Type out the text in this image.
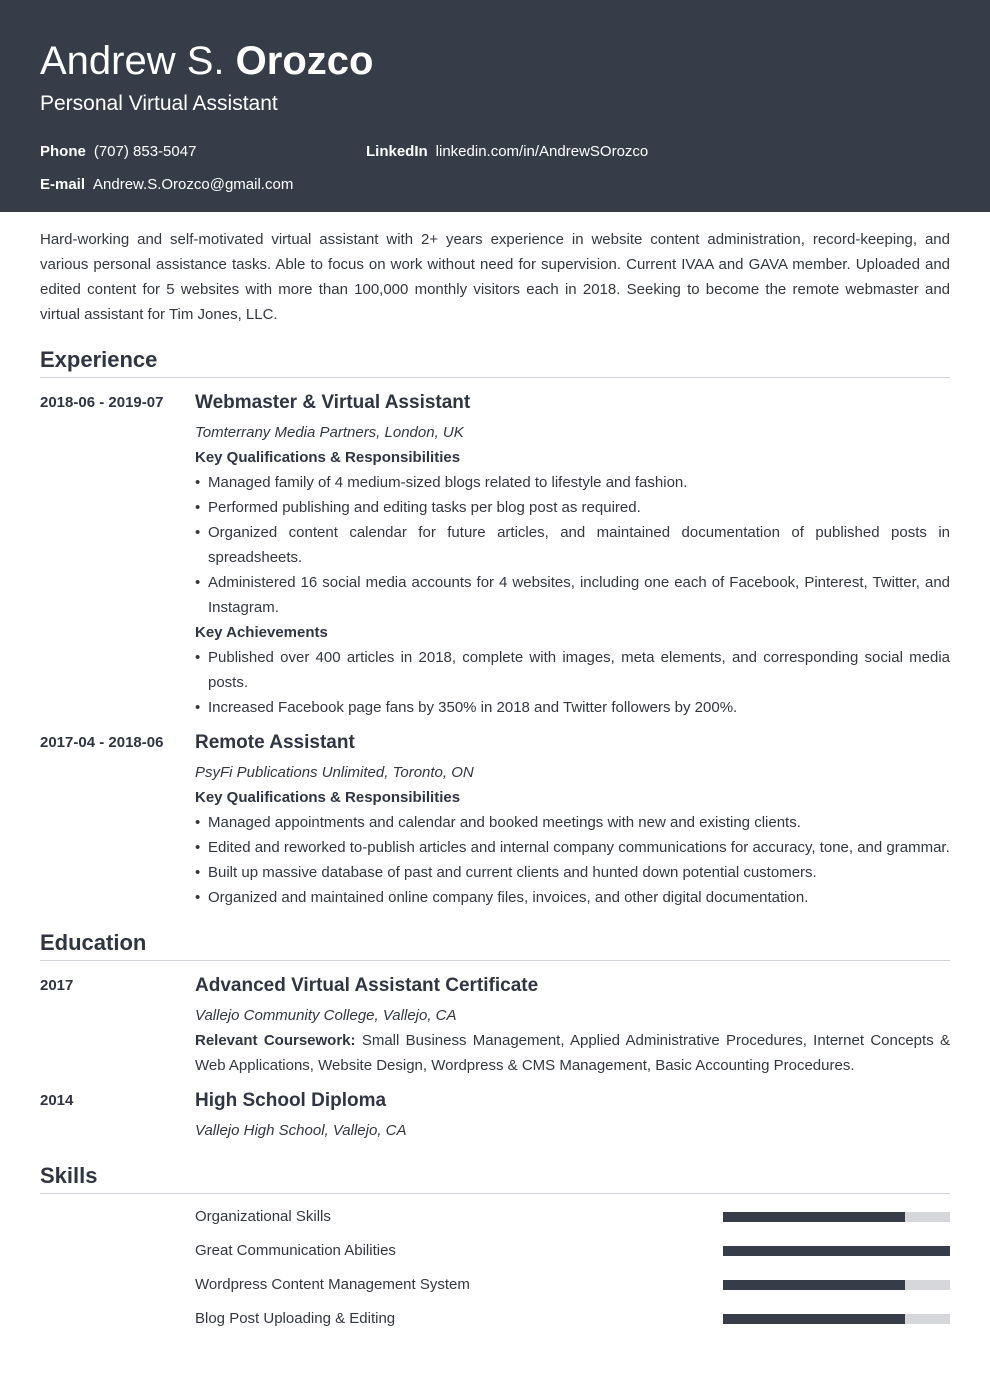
Andrew S. Orozco
Personal Virtual Assistant
Phone (707) 853-5047	LinkedIn linkedin.com/in/AndrewSOrozco
E-mail Andrew.S.Orozco@gmail.com
Hard-working and self-motivated virtual assistant with 2+ years experience in website content administration, record-keeping, and various personal assistance tasks. Able to focus on work without need for supervision. Current IVAA and GAVA member. Uploaded and edited content for 5 websites with more than 100,000 monthly visitors each in 2018. Seeking to become the remote webmaster and virtual assistant for Tim Jones, LLC.
Experience
2018-06 - 2019-07	Webmaster & Virtual Assistant
Tomterrany Media Partners, London, UK
Key Qualifications & Responsibilities
• Managed family of 4 medium-sized blogs related to lifestyle and fashion.
• Performed publishing and editing tasks per blog post as required.
• Organized content calendar for future articles, and maintained documentation of published posts in spreadsheets.
• Administered 16 social media accounts for 4 websites, including one each of Facebook, Pinterest, Twitter, and Instagram.
Key Achievements
• Published over 400 articles in 2018, complete with images, meta elements, and corresponding social media posts.
• Increased Facebook page fans by 350% in 2018 and Twitter followers by 200%.
2017-04 - 2018-06	Remote Assistant
PsyFi Publications Unlimited, Toronto, ON
Key Qualifications & Responsibilities
• Managed appointments and calendar and booked meetings with new and existing clients.
• Edited and reworked to-publish articles and internal company communications for accuracy, tone, and grammar.
• Built up massive database of past and current clients and hunted down potential customers.
• Organized and maintained online company files, invoices, and other digital documentation.
Education
2017	Advanced Virtual Assistant Certificate
Vallejo Community College, Vallejo, CA
Relevant Coursework: Small Business Management, Applied Administrative Procedures, Internet Concepts & Web Applications, Website Design, Wordpress & CMS Management, Basic Accounting Procedures.
2014	High School Diploma
Vallejo High School, Vallejo, CA
Skills
Organizational Skills
Great Communication Abilities
Wordpress Content Management System
Blog Post Uploading & Editing
